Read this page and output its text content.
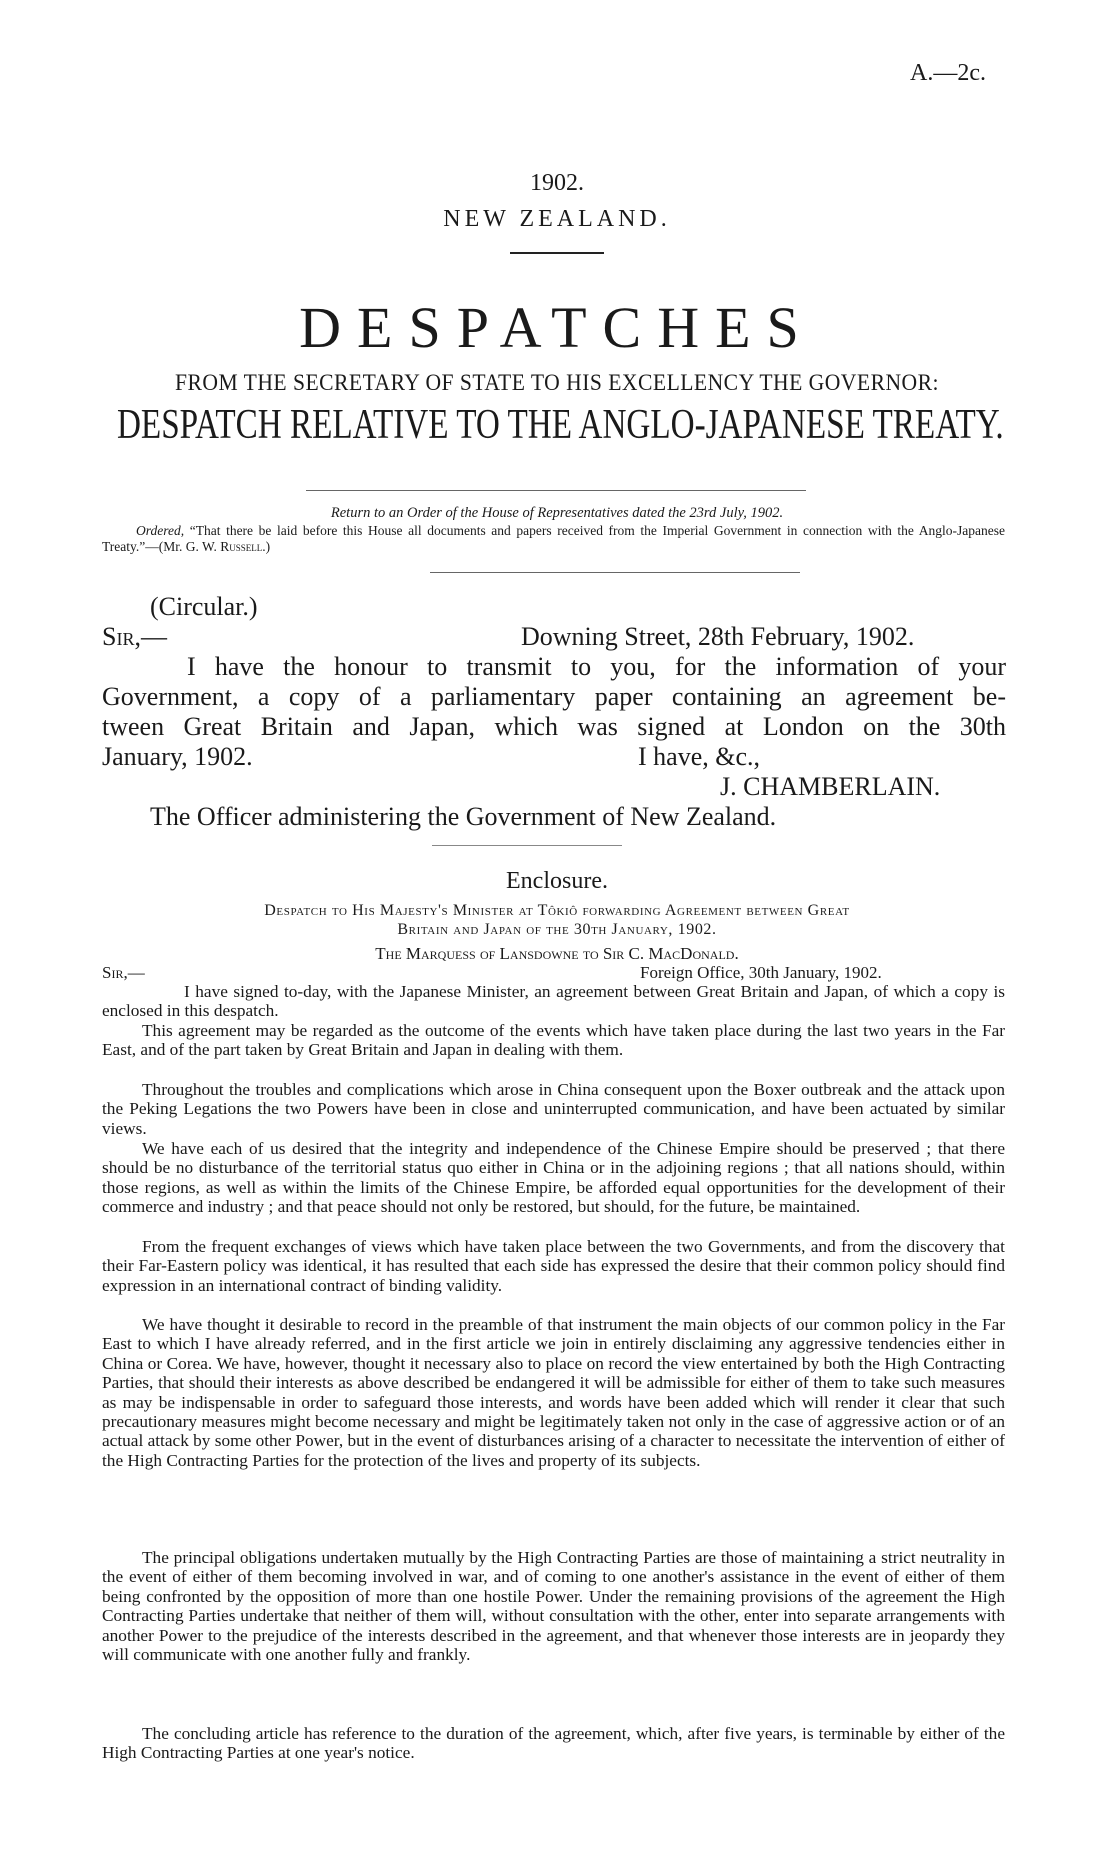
A.—2c.
1902.
NEW ZEALAND.
DESPATCHES
FROM THE SECRETARY OF STATE TO HIS EXCELLENCY THE GOVERNOR:
DESPATCH RELATIVE TO THE ANGLO-JAPANESE TREATY.
Return to an Order of the House of Representatives dated the 23rd July, 1902.
Ordered, “That there be laid before this House all documents and papers received from the Imperial Government in connection with the Anglo-Japanese Treaty.”—(Mr. G. W. Russell.)
(Circular.)
Sir,—	Downing Street, 28th February, 1902.
I have the honour to transmit to you, for the information of your
Government, a copy of a parliamentary paper containing an agreement be-
tween Great Britain and Japan, which was signed at London on the 30th
January, 1902.	I have, &c.,
J. CHAMBERLAIN.
The Officer administering the Government of New Zealand.
Enclosure.
Despatch to His Majesty's Minister at Tôkiô forwarding Agreement between Great
Britain and Japan of the 30th January, 1902.
The Marquess of Lansdowne to Sir C. MacDonald.
Sir,—	Foreign Office, 30th January, 1902.
I have signed to-day, with the Japanese Minister, an agreement between Great Britain and Japan, of which a copy is enclosed in this despatch.
This agreement may be regarded as the outcome of the events which have taken place during the last two years in the Far East, and of the part taken by Great Britain and Japan in dealing with them.
Throughout the troubles and complications which arose in China consequent upon the Boxer outbreak and the attack upon the Peking Legations the two Powers have been in close and uninterrupted communication, and have been actuated by similar views.
We have each of us desired that the integrity and independence of the Chinese Empire should be preserved ; that there should be no disturbance of the territorial status quo either in China or in the adjoining regions ; that all nations should, within those regions, as well as within the limits of the Chinese Empire, be afforded equal opportunities for the development of their commerce and industry ; and that peace should not only be restored, but should, for the future, be maintained.
From the frequent exchanges of views which have taken place between the two Governments, and from the discovery that their Far-Eastern policy was identical, it has resulted that each side has expressed the desire that their common policy should find expression in an international contract of binding validity.
We have thought it desirable to record in the preamble of that instrument the main objects of our common policy in the Far East to which I have already referred, and in the first article we join in entirely disclaiming any aggressive tendencies either in China or Corea. We have, however, thought it necessary also to place on record the view entertained by both the High Contracting Parties, that should their interests as above described be endangered it will be admissible for either of them to take such measures as may be indispensable in order to safeguard those interests, and words have been added which will render it clear that such precautionary measures might become necessary and might be legitimately taken not only in the case of aggressive action or of an actual attack by some other Power, but in the event of disturbances arising of a character to necessitate the intervention of either of the High Contracting Parties for the protection of the lives and property of its subjects.
The principal obligations undertaken mutually by the High Contracting Parties are those of maintaining a strict neutrality in the event of either of them becoming involved in war, and of coming to one another's assistance in the event of either of them being confronted by the opposition of more than one hostile Power. Under the remaining provisions of the agreement the High Contracting Parties undertake that neither of them will, without consultation with the other, enter into separate arrangements with another Power to the prejudice of the interests described in the agreement, and that whenever those interests are in jeopardy they will communicate with one another fully and frankly.
The concluding article has reference to the duration of the agreement, which, after five years, is terminable by either of the High Contracting Parties at one year's notice.
